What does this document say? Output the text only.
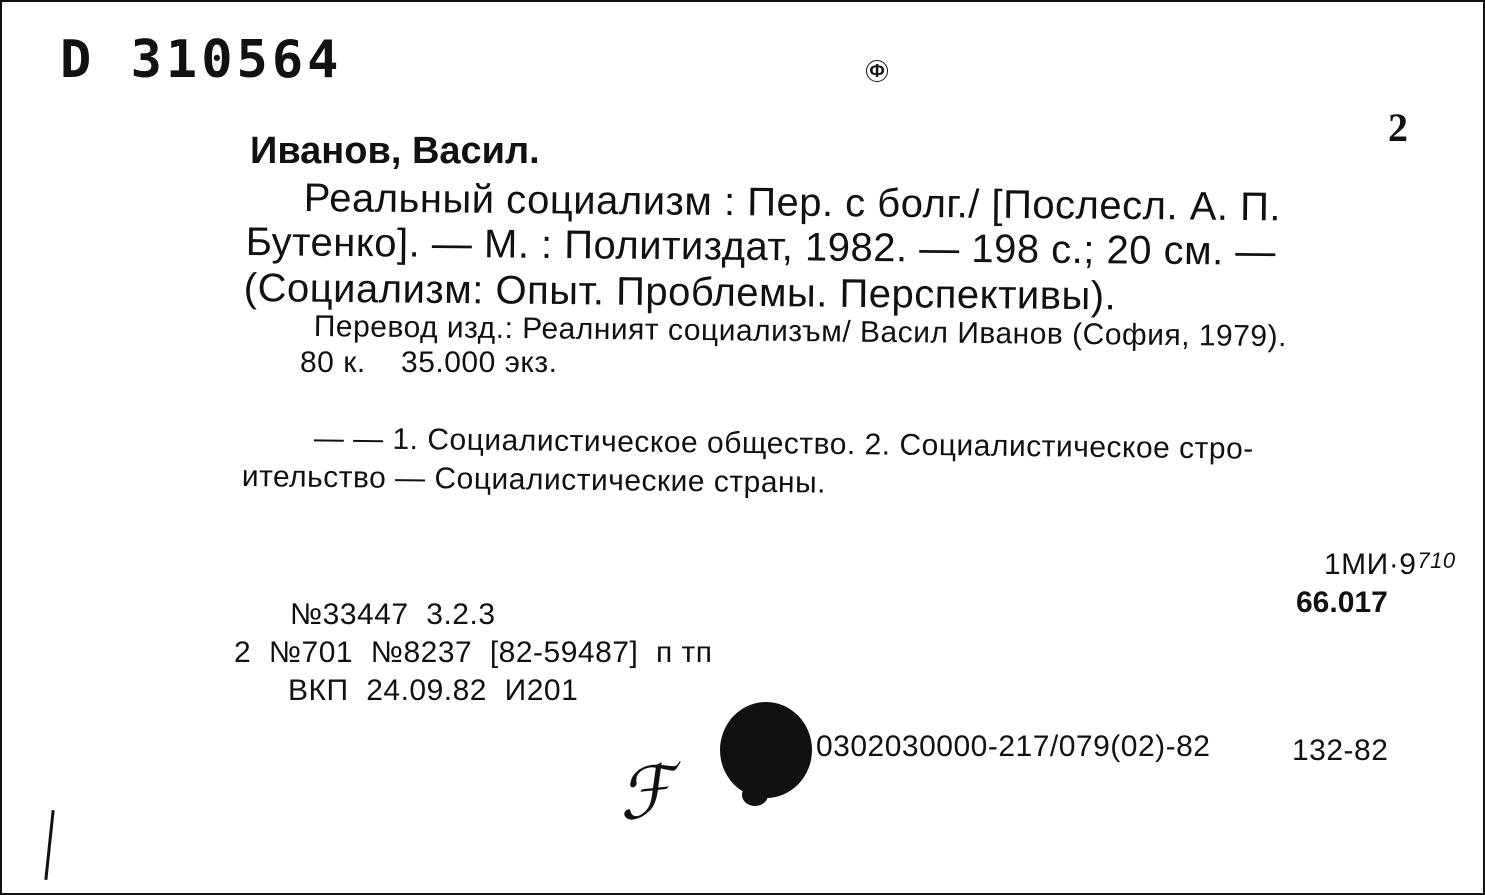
D 310564	Ф
2
Иванов, Васил.
Реальный социализм : Пер. с болг./ [Послесл. А. П.
Бутенко]. — М. : Политиздат, 1982. — 198 с.; 20 см. —
(Социализм: Опыт. Проблемы. Перспективы).
Перевод изд.: Реалният социализъм/ Васил Иванов (София, 1979).
80 к.    35.000 экз.
— — 1. Социалистическое общество. 2. Социалистическое стро-
ительство — Социалистические страны.
$1МИ\cdot 9^{710}$
66.017
№33447  3.2.3
2  №701  №8237  [82-59487]  п тп
ВКП  24.09.82  И201
0302030000-217/079(02)-82	132-82
ℱ
